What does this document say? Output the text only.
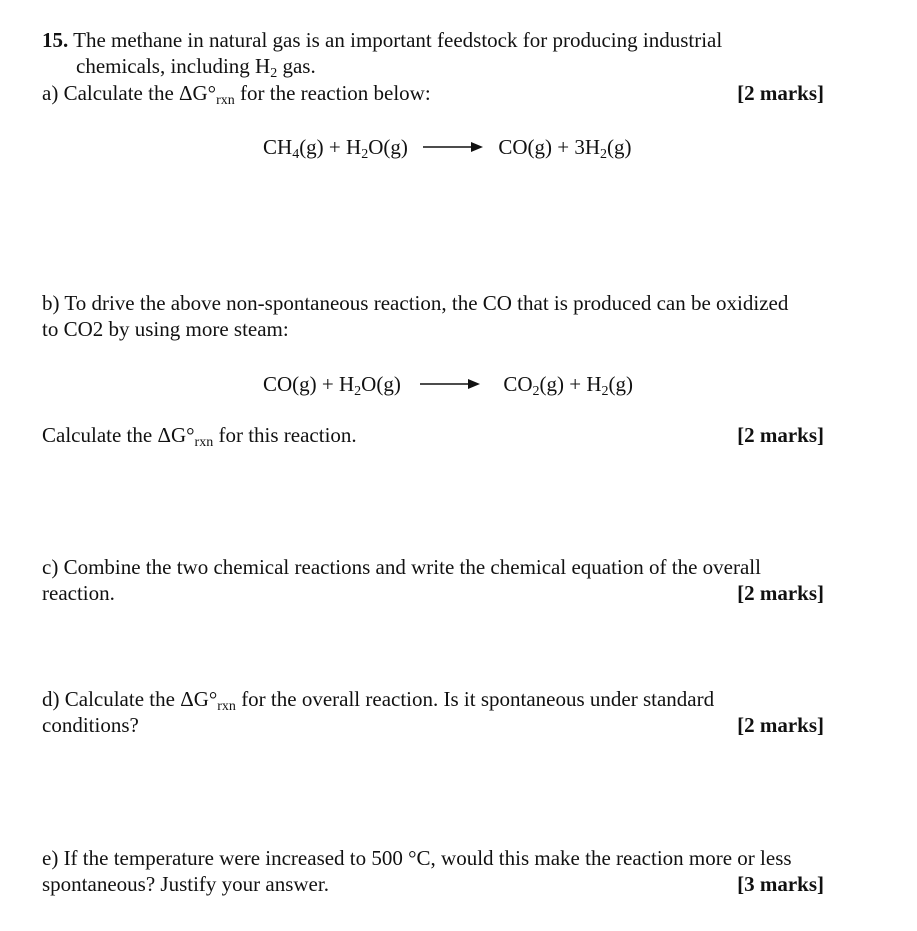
15. The methane in natural gas is an important feedstock for producing industrial
chemicals, including $H_2$ gas.
a) Calculate the $\Delta G^\circ_{rxn}$ for the reaction below:	[2 marks]
$CH_4(g) + H_2O(g) \to CO(g) + 3H_2(g)$
b) To drive the above non-spontaneous reaction, the CO that is produced can be oxidized
to CO2 by using more steam:
$CO(g) + H_2O(g) \to CO_2(g) + H_2(g)$
Calculate the $\Delta G^\circ_{rxn}$ for this reaction.	[2 marks]
c) Combine the two chemical reactions and write the chemical equation of the overall
reaction.	[2 marks]
d) Calculate the $\Delta G^\circ_{rxn}$ for the overall reaction. Is it spontaneous under standard
conditions?	[2 marks]
e) If the temperature were increased to 500 °C, would this make the reaction more or less
spontaneous? Justify your answer.	[3 marks]
